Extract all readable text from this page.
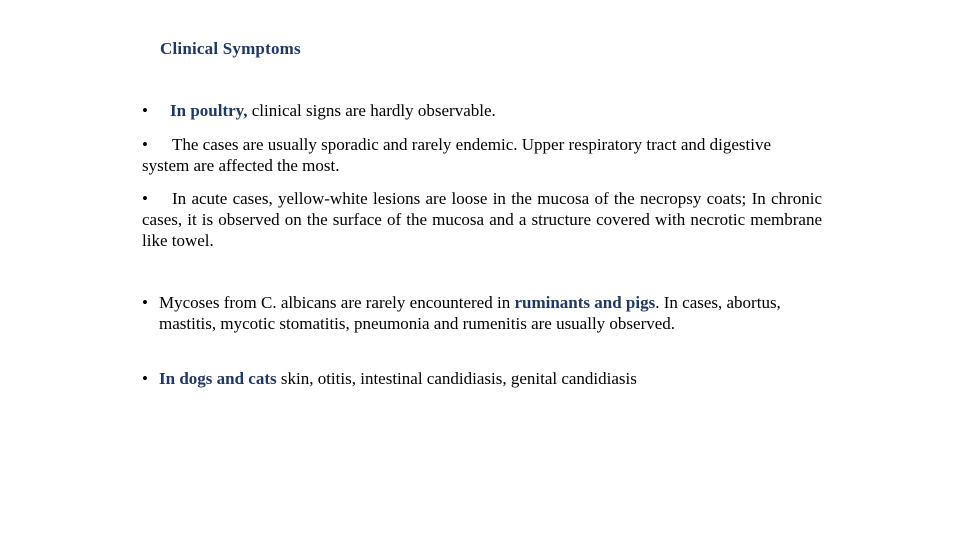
Clinical Symptoms

• In poultry, clinical signs are hardly observable.

• The cases are usually sporadic and rarely endemic. Upper respiratory tract and digestive system are affected the most.

• In acute cases, yellow-white lesions are loose in the mucosa of the necropsy coats; In chronic cases, it is observed on the surface of the mucosa and a structure covered with necrotic membrane like towel.

• Mycoses from C. albicans are rarely encountered in ruminants and pigs. In cases, abortus, mastitis, mycotic stomatitis, pneumonia and rumenitis are usually observed.
• In dogs and cats skin, otitis, intestinal candidiasis, genital candidiasis
